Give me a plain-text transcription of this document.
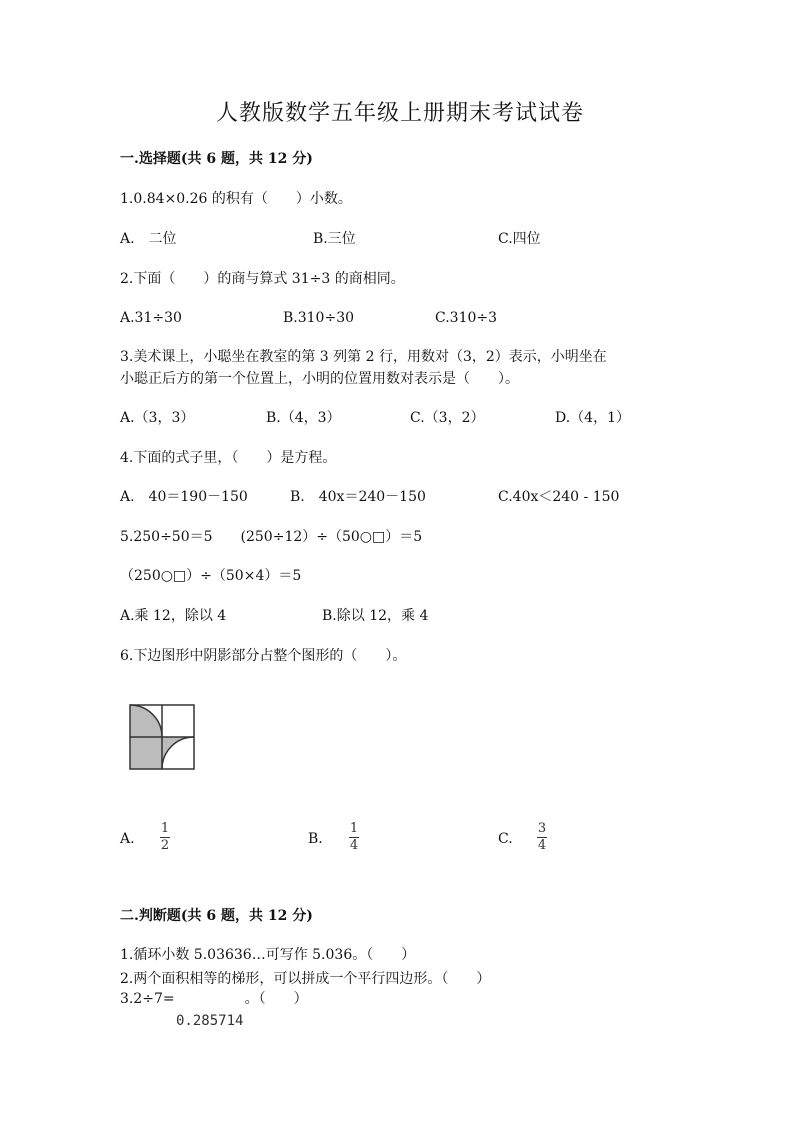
人教版数学五年级上册期末考试试卷
一.选择题(共 6 题，共 12 分)
1.0.84×0.26 的积有（　　）小数。
A.　二位	B.三位	C.四位
2.下面（　　）的商与算式 31÷3 的商相同。
A.31÷30	B.310÷30	C.310÷3
3.美术课上，小聪坐在教室的第 3 列第 2 行，用数对（3，2）表示，小明坐在
小聪正后方的第一个位置上，小明的位置用数对表示是（　　）。
A.（3，3）	B.（4，3）	C.（3，2）	D.（4，1）
4.下面的式子里，（　　）是方程。
A.　40＝190－150	B.　40x＝240－150	C.40x＜240 - 150
5.250÷50＝5　　(250÷12）÷（50○□）＝5
（250○□）÷（50×4）＝5
A.乘 12，除以 4	B.除以 12，乘 4
6.下边图形中阴影部分占整个图形的（　　）。
A.
1
2	B.
1
4	C.
3
4
二.判断题(共 6 题，共 12 分)
1.循环小数 5.03636…可写作 5.036。（　　）
2.两个面积相等的梯形，可以拼成一个平行四边形。（　　）
3.2÷7=　　　　　。（　　）
0.285714
